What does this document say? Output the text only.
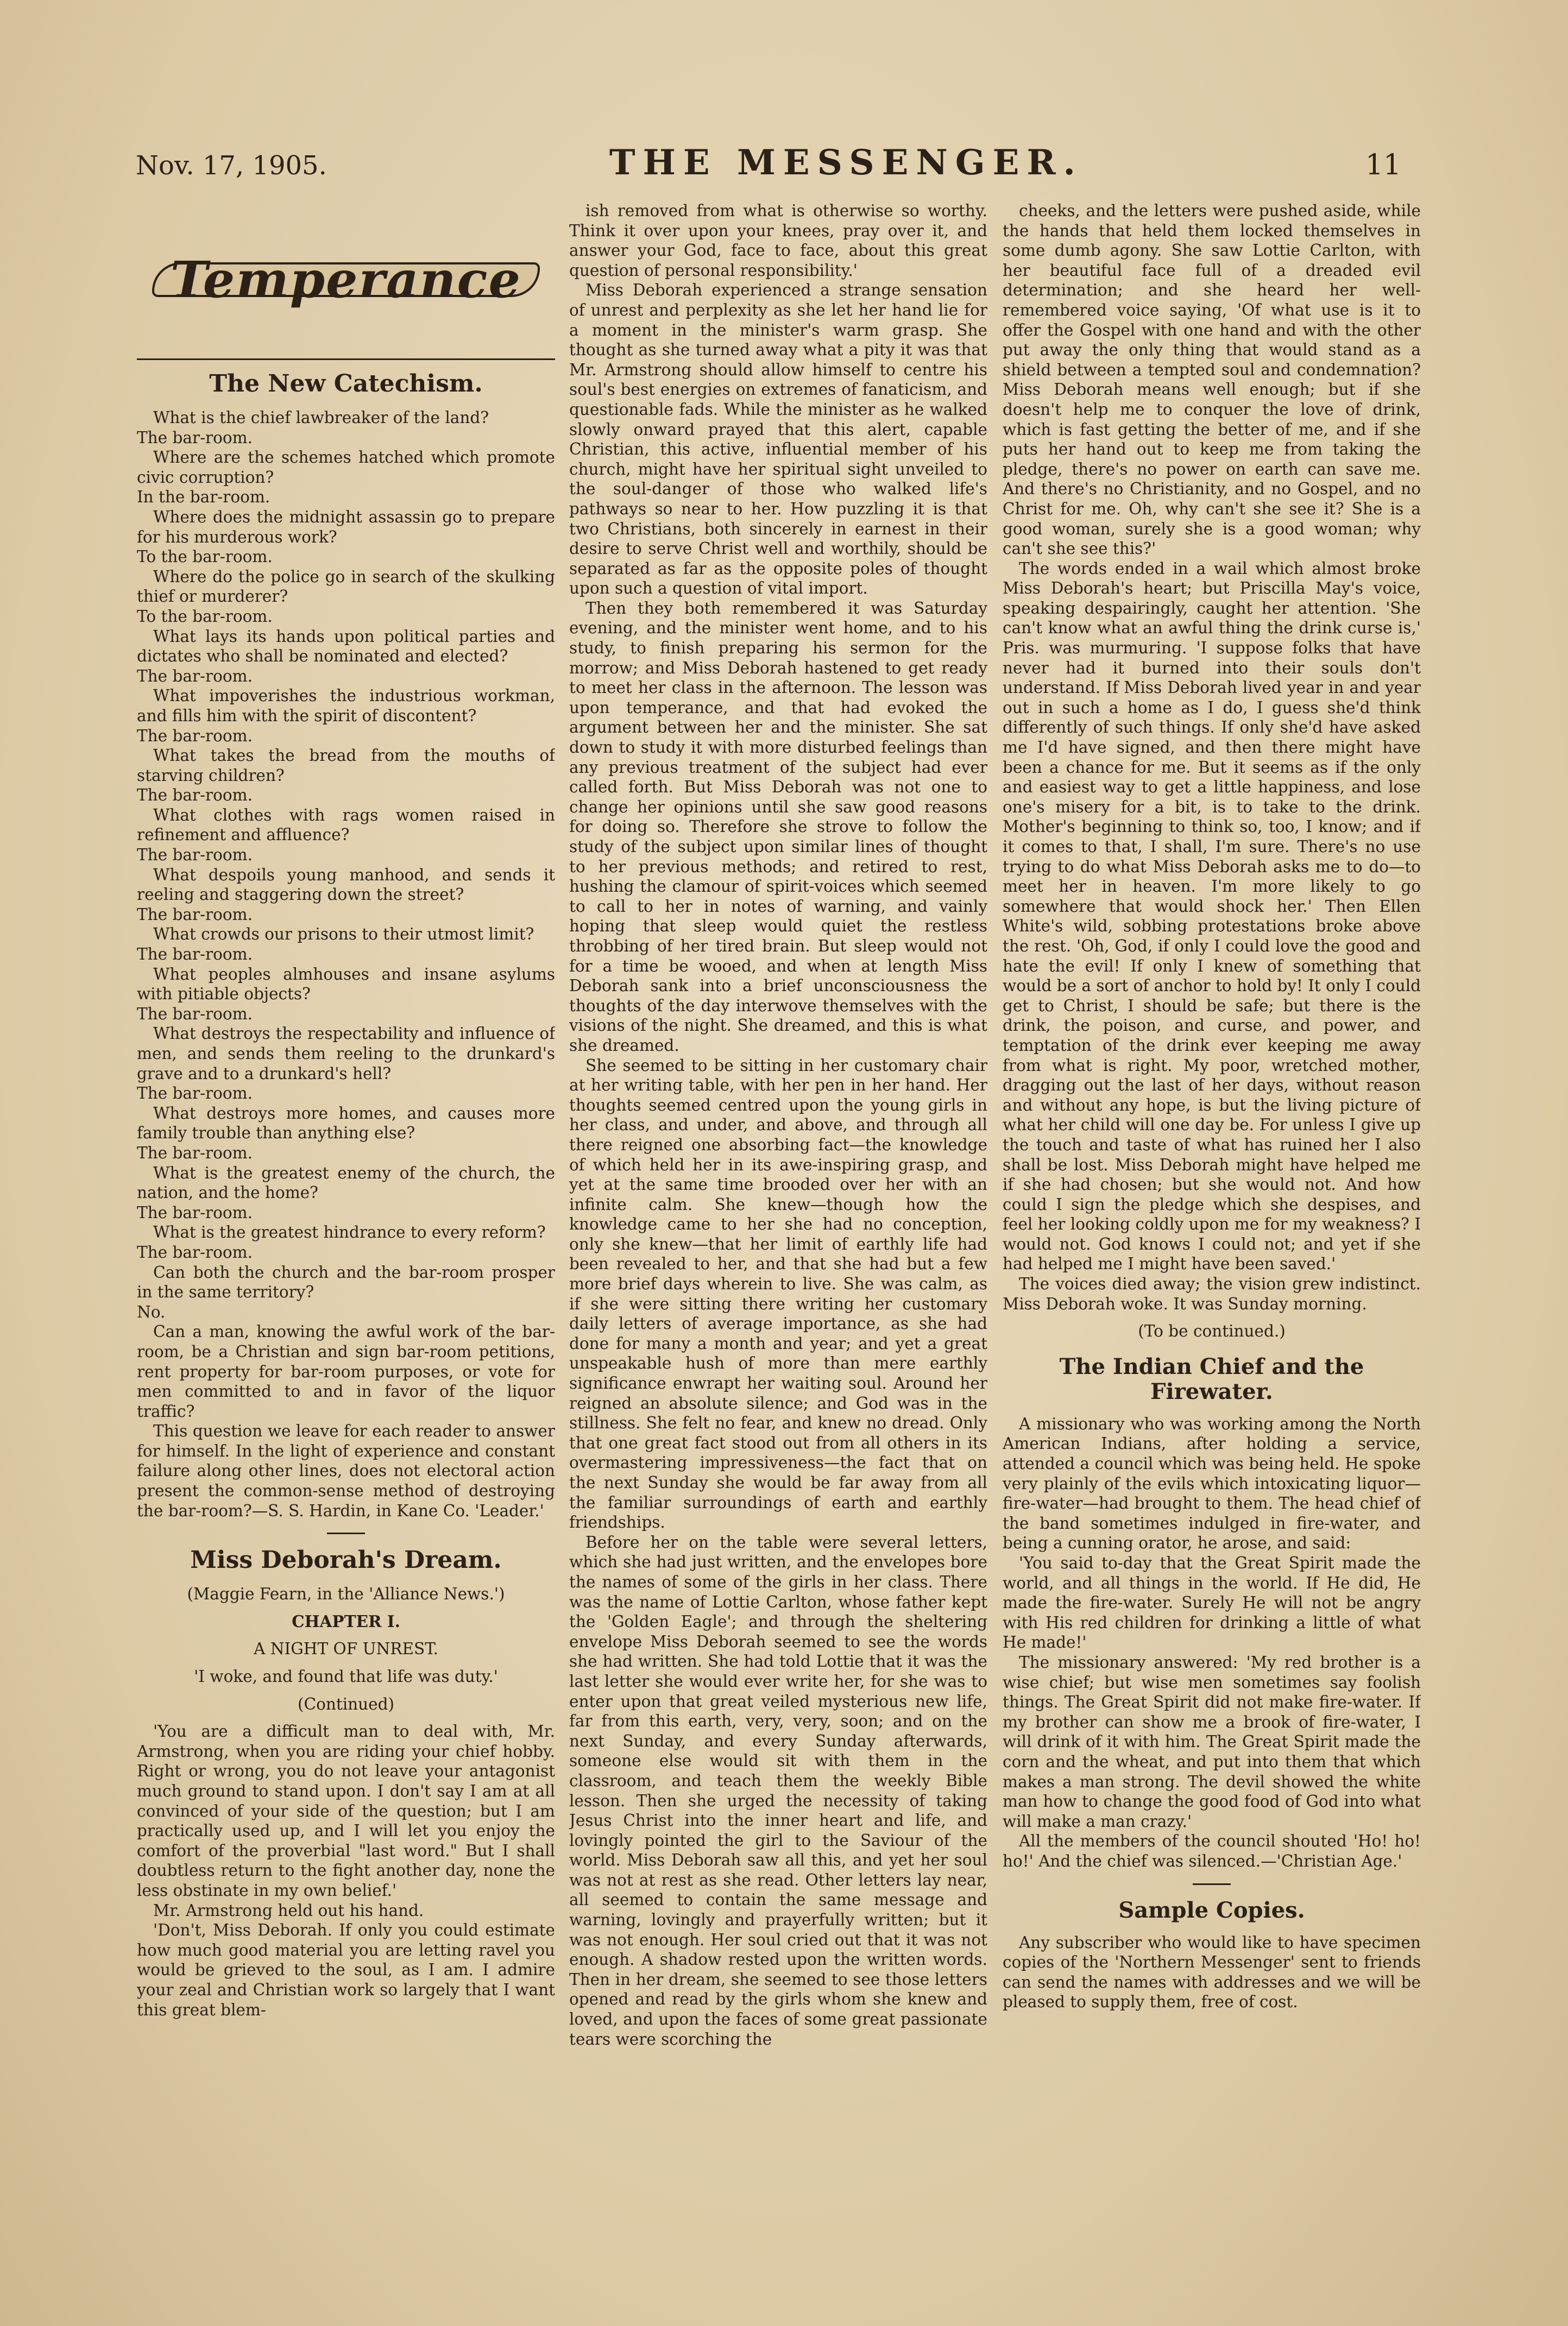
Nov. 17, 1905.	THE MESSENGER.	11
Temperance
The New Catechism.

What is the chief lawbreaker of the land?

The bar-room.

Where are the schemes hatched which promote civic corruption?

In the bar-room.

Where does the midnight assassin go to prepare for his murderous work?

To the bar-room.

Where do the police go in search of the skulking thief or murderer?

To the bar-room.

What lays its hands upon political parties and dictates who shall be nominated and elected?

The bar-room.

What impoverishes the industrious workman, and fills him with the spirit of discontent?

The bar-room.

What takes the bread from the mouths of starving children?

The bar-room.

What clothes with rags women raised in refinement and affluence?

The bar-room.

What despoils young manhood, and sends it reeling and staggering down the street?

The bar-room.

What crowds our prisons to their utmost limit?

The bar-room.

What peoples almhouses and insane asylums with pitiable objects?

The bar-room.

What destroys the respectability and influence of men, and sends them reeling to the drunkard's grave and to a drunkard's hell?

The bar-room.

What destroys more homes, and causes more family trouble than anything else?

The bar-room.

What is the greatest enemy of the church, the nation, and the home?

The bar-room.

What is the greatest hindrance to every reform?

The bar-room.

Can both the church and the bar-room prosper in the same territory?

No.

Can a man, knowing the awful work of the bar-room, be a Christian and sign bar-room petitions, rent property for bar-room purposes, or vote for men committed to and in favor of the liquor traffic?

This question we leave for each reader to answer for himself. In the light of experience and constant failure along other lines, does not electoral action present the common-sense method of destroying the bar-room?—S. S. Hardin, in Kane Co. 'Leader.'

Miss Deborah's Dream.
(Maggie Fearn, in the 'Alliance News.')
CHAPTER I.
A NIGHT OF UNREST.
'I woke, and found that life was duty.'
(Continued)

'You are a difficult man to deal with, Mr. Armstrong, when you are riding your chief hobby. Right or wrong, you do not leave your antagonist much ground to stand upon. I don't say I am at all convinced of your side of the question; but I am practically used up, and I will let you enjoy the comfort of the proverbial "last word." But I shall doubtless return to the fight another day, none the less obstinate in my own belief.'

Mr. Armstrong held out his hand.

'Don't, Miss Deborah. If only you could estimate how much good material you are letting ravel you would be grieved to the soul, as I am. I admire your zeal and Christian work so largely that I want this great blem-

ish removed from what is otherwise so worthy. Think it over upon your knees, pray over it, and answer your God, face to face, about this great question of personal responsibility.'

Miss Deborah experienced a strange sensation of unrest and perplexity as she let her hand lie for a moment in the minister's warm grasp. She thought as she turned away what a pity it was that Mr. Armstrong should allow himself to centre his soul's best energies on extremes of fanaticism, and questionable fads. While the minister as he walked slowly onward prayed that this alert, capable Christian, this active, influential member of his church, might have her spiritual sight unveiled to the soul-danger of those who walked life's pathways so near to her. How puzzling it is that two Christians, both sincerely in earnest in their desire to serve Christ well and worthily, should be separated as far as the opposite poles of thought upon such a question of vital import.

Then they both remembered it was Saturday evening, and the minister went home, and to his study, to finish preparing his sermon for the morrow; and Miss Deborah hastened to get ready to meet her class in the afternoon. The lesson was upon temperance, and that had evoked the argument between her and the minister. She sat down to study it with more disturbed feelings than any previous treatment of the subject had ever called forth. But Miss Deborah was not one to change her opinions until she saw good reasons for doing so. Therefore she strove to follow the study of the subject upon similar lines of thought to her previous methods; and retired to rest, hushing the clamour of spirit-voices which seemed to call to her in notes of warning, and vainly hoping that sleep would quiet the restless throbbing of her tired brain. But sleep would not for a time be wooed, and when at length Miss Deborah sank into a brief unconsciousness the thoughts of the day interwove themselves with the visions of the night. She dreamed, and this is what she dreamed.

She seemed to be sitting in her customary chair at her writing table, with her pen in her hand. Her thoughts seemed centred upon the young girls in her class, and under, and above, and through all there reigned one absorbing fact—the knowledge of which held her in its awe-inspiring grasp, and yet at the same time brooded over her with an infinite calm. She knew—though how the knowledge came to her she had no conception, only she knew—that her limit of earthly life had been revealed to her, and that she had but a few more brief days wherein to live. She was calm, as if she were sitting there writing her customary daily letters of average importance, as she had done for many a month and year; and yet a great unspeakable hush of more than mere earthly significance enwrapt her waiting soul. Around her reigned an absolute silence; and God was in the stillness. She felt no fear, and knew no dread. Only that one great fact stood out from all others in its overmastering impressiveness—the fact that on the next Sunday she would be far away from all the familiar surroundings of earth and earthly friendships.

Before her on the table were several letters, which she had just written, and the envelopes bore the names of some of the girls in her class. There was the name of Lottie Carlton, whose father kept the 'Golden Eagle'; and through the sheltering envelope Miss Deborah seemed to see the words she had written. She had told Lottie that it was the last letter she would ever write her, for she was to enter upon that great veiled mysterious new life, far from this earth, very, very, soon; and on the next Sunday, and every Sunday afterwards, someone else would sit with them in the classroom, and teach them the weekly Bible lesson. Then she urged the necessity of taking Jesus Christ into the inner heart and life, and lovingly pointed the girl to the Saviour of the world. Miss Deborah saw all this, and yet her soul was not at rest as she read. Other letters lay near, all seemed to contain the same message and warning, lovingly and prayerfully written; but it was not enough. Her soul cried out that it was not enough. A shadow rested upon the written words. Then in her dream, she seemed to see those letters opened and read by the girls whom she knew and loved, and upon the faces of some great passionate tears were scorching the

cheeks, and the letters were pushed aside, while the hands that held them locked themselves in some dumb agony. She saw Lottie Carlton, with her beautiful face full of a dreaded evil determination; and she heard her well-remembered voice saying, 'Of what use is it to offer the Gospel with one hand and with the other put away the only thing that would stand as a shield between a tempted soul and condemnation? Miss Deborah means well enough; but if she doesn't help me to conquer the love of drink, which is fast getting the better of me, and if she puts her hand out to keep me from taking the pledge, there's no power on earth can save me. And there's no Christianity, and no Gospel, and no Christ for me. Oh, why can't she see it? She is a good woman, surely she is a good woman; why can't she see this?'

The words ended in a wail which almost broke Miss Deborah's heart; but Priscilla May's voice, speaking despairingly, caught her attention. 'She can't know what an awful thing the drink curse is,' Pris. was murmuring. 'I suppose folks that have never had it burned into their souls don't understand. If Miss Deborah lived year in and year out in such a home as I do, I guess she'd think differently of such things. If only she'd have asked me I'd have signed, and then there might have been a chance for me. But it seems as if the only and easiest way to get a little happiness, and lose one's misery for a bit, is to take to the drink. Mother's beginning to think so, too, I know; and if it comes to that, I shall, I'm sure. There's no use trying to do what Miss Deborah asks me to do—to meet her in heaven. I'm more likely to go somewhere that would shock her.' Then Ellen White's wild, sobbing protestations broke above the rest. 'Oh, God, if only I could love the good and hate the evil! If only I knew of something that would be a sort of anchor to hold by! It only I could get to Christ, I should be safe; but there is the drink, the poison, and curse, and power, and temptation of the drink ever keeping me away from what is right. My poor, wretched mother, dragging out the last of her days, without reason and without any hope, is but the living picture of what her child will one day be. For unless I give up the touch and taste of what has ruined her I also shall be lost. Miss Deborah might have helped me if she had chosen; but she would not. And how could I sign the pledge which she despises, and feel her looking coldly upon me for my weakness? I would not. God knows I could not; and yet if she had helped me I might have been saved.'

The voices died away; the vision grew indistinct. Miss Deborah woke. It was Sunday morning.

(To be continued.)
The Indian Chief and the Firewater.

A missionary who was working among the North American Indians, after holding a service, attended a council which was being held. He spoke very plainly of the evils which intoxicating liquor—fire-water—had brought to them. The head chief of the band sometimes indulged in fire-water, and being a cunning orator, he arose, and said:

'You said to-day that the Great Spirit made the world, and all things in the world. If He did, He made the fire-water. Surely He will not be angry with His red children for drinking a little of what He made!'

The missionary answered: 'My red brother is a wise chief; but wise men sometimes say foolish things. The Great Spirit did not make fire-water. If my brother can show me a brook of fire-water, I will drink of it with him. The Great Spirit made the corn and the wheat, and put into them that which makes a man strong. The devil showed the white man how to change the good food of God into what will make a man crazy.'

All the members of the council shouted 'Ho! ho! ho!' And the chief was silenced.—'Christian Age.'

Sample Copies.

Any subscriber who would like to have specimen copies of the 'Northern Messenger' sent to friends can send the names with addresses and we will be pleased to supply them, free of cost.
